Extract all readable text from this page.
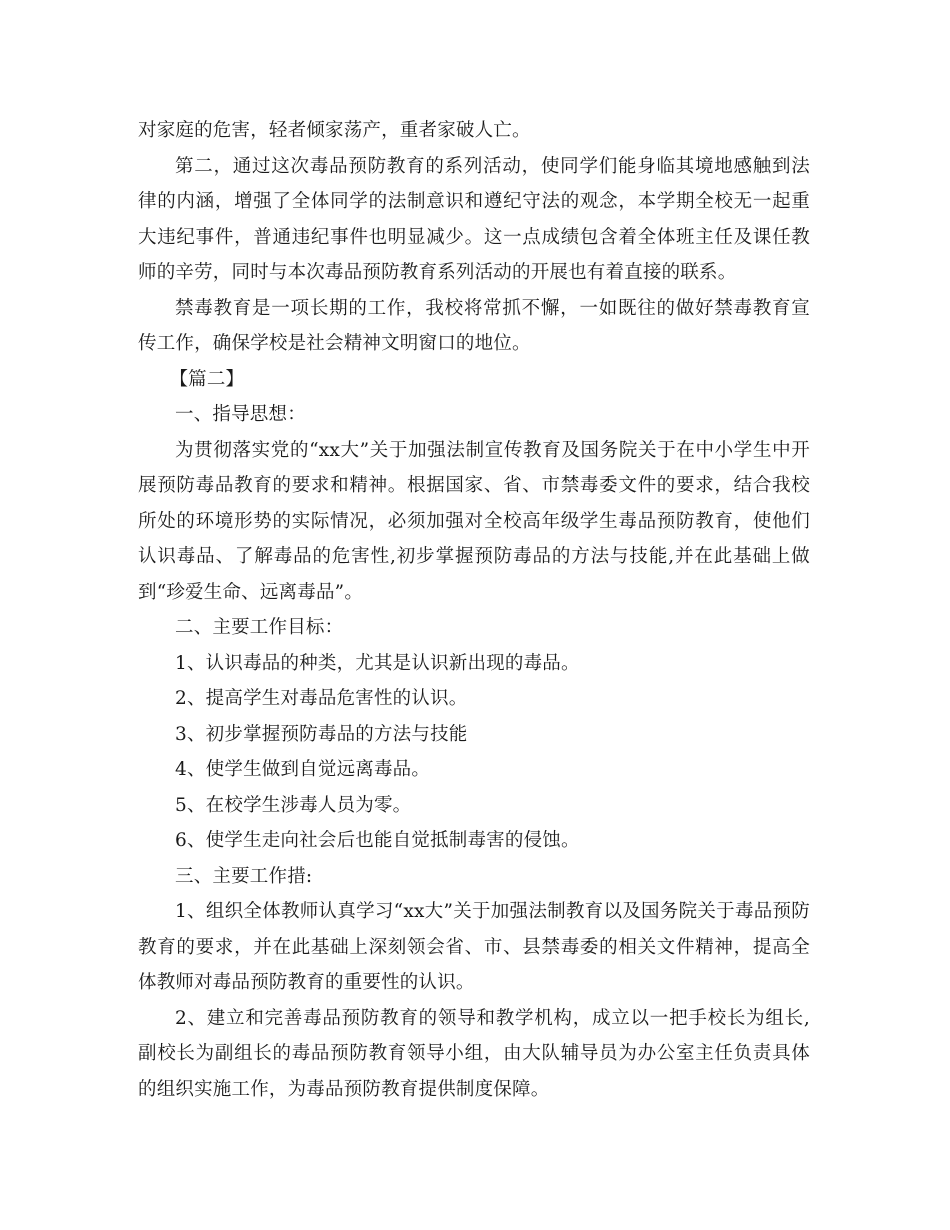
对家庭的危害，轻者倾家荡产，重者家破人亡。

第二，通过这次毒品预防教育的系列活动，使同学们能身临其境地感触到法律的内涵，增强了全体同学的法制意识和遵纪守法的观念，本学期全校无一起重大违纪事件，普通违纪事件也明显减少。这一点成绩包含着全体班主任及课任教师的辛劳，同时与本次毒品预防教育系列活动的开展也有着直接的联系。

禁毒教育是一项长期的工作，我校将常抓不懈，一如既往的做好禁毒教育宣传工作，确保学校是社会精神文明窗口的地位。

【篇二】

一、指导思想：

为贯彻落实党的“xx大”关于加强法制宣传教育及国务院关于在中小学生中开展预防毒品教育的要求和精神。根据国家、省、市禁毒委文件的要求，结合我校所处的环境形势的实际情况，必须加强对全校高年级学生毒品预防教育，使他们认识毒品、了解毒品的危害性,初步掌握预防毒品的方法与技能,并在此基础上做到“珍爱生命、远离毒品”。

二、主要工作目标：

1、认识毒品的种类，尤其是认识新出现的毒品。

2、提高学生对毒品危害性的认识。

3、初步掌握预防毒品的方法与技能

4、使学生做到自觉远离毒品。

5、在校学生涉毒人员为零。

6、使学生走向社会后也能自觉抵制毒害的侵蚀。

三、主要工作措:

1、组织全体教师认真学习“xx大”关于加强法制教育以及国务院关于毒品预防教育的要求，并在此基础上深刻领会省、市、县禁毒委的相关文件精神，提高全体教师对毒品预防教育的重要性的认识。

2、建立和完善毒品预防教育的领导和教学机构，成立以一把手校长为组长,副校长为副组长的毒品预防教育领导小组，由大队辅导员为办公室主任负责具体的组织实施工作，为毒品预防教育提供制度保障。
